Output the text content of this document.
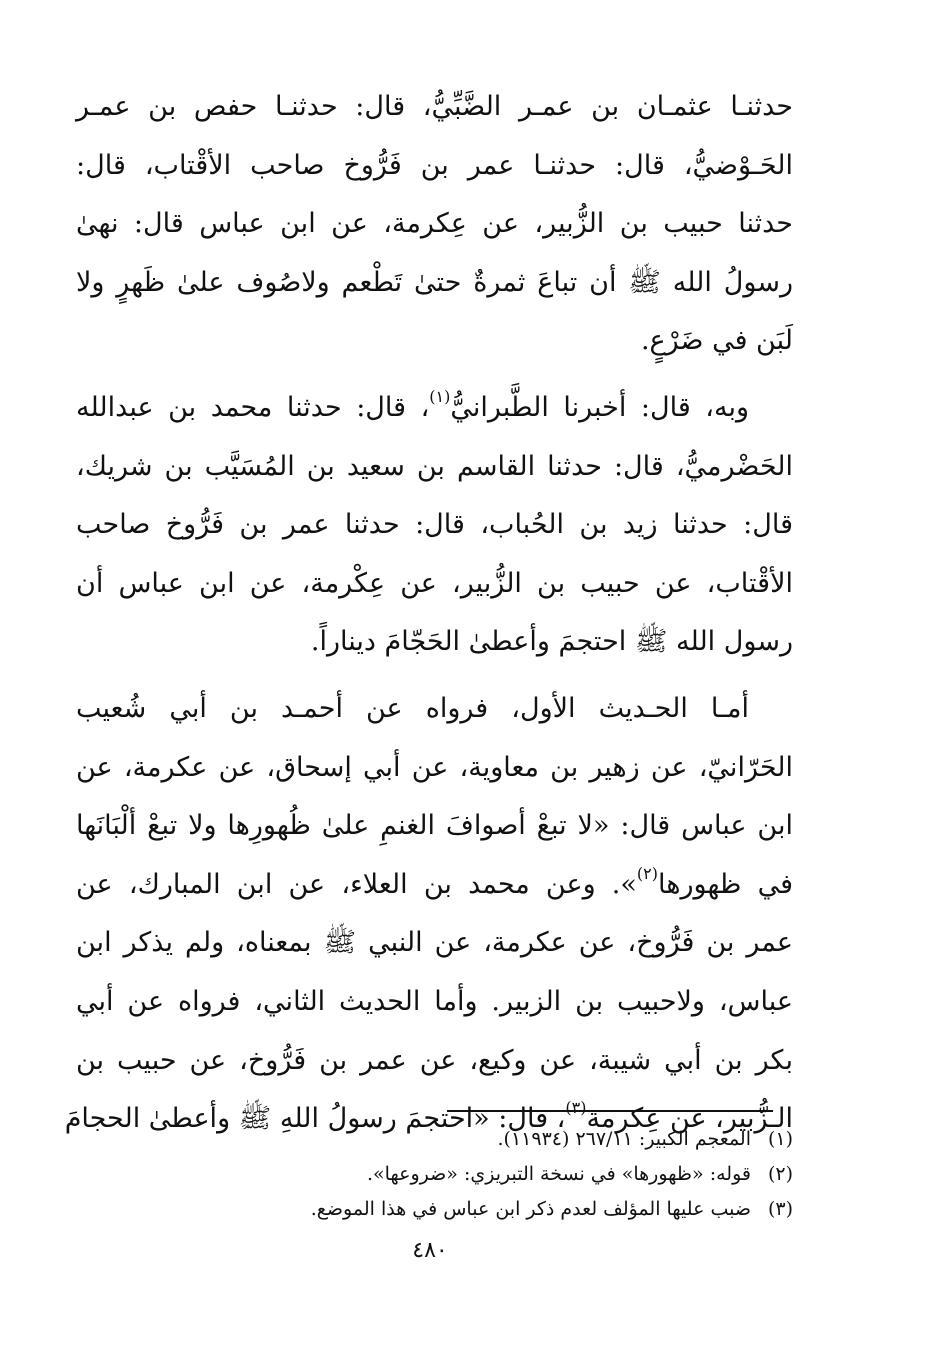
حدثنـا عثمـان بن عمـر الضَّبِّيُّ، قال: حدثنـا حفص بن عمـر
الحَـوْضيُّ، قال: حدثنـا عمر بن فَرُّوخ صاحب الأقْتاب، قال:
حدثنا حبيب بن الزُّبير، عن عِكرمة، عن ابن عباس قال: نهىٰ
رسولُ الله ﷺ أن تباعَ ثمرةٌ حتىٰ تَطْعم ولاصُوف علىٰ ظَهرٍ ولا
لَبَن في ضَرْعٍ.

وبه، قال: أخبرنا الطَّبرانيُّ$^{(١)}$، قال: حدثنا محمد بن عبدالله
الحَضْرميُّ، قال: حدثنا القاسم بن سعيد بن المُسَيَّب بن شريك،
قال: حدثنا زيد بن الحُباب، قال: حدثنا عمر بن فَرُّوخ صاحب
الأقْتاب، عن حبيب بن الزُّبير، عن عِكْرمة، عن ابن عباس أن
رسول الله ﷺ احتجمَ وأعطىٰ الحَجّامَ ديناراً.

أمـا الحـديث الأول، فرواه عن أحمـد بن أبي شُعيب
الحَرّانيّ، عن زهير بن معاوية، عن أبي إسحاق، عن عكرمة، عن
ابن عباس قال: «لا تبعْ أصوافَ الغنمِ علىٰ ظُهورِها ولا تبعْ ألْبَانَها
في ظهورها$^{(٢)}$». وعن محمد بن العلاء، عن ابن المبارك، عن
عمر بن فَرُّوخ، عن عكرمة، عن النبي ﷺ بمعناه، ولم يذكر ابن
عباس، ولاحبيب بن الزبير. وأما الحديث الثاني، فرواه عن أبي
بكر بن أبي شيبة، عن وكيع، عن عمر بن فَرُّوخ، عن حبيب بن
الـزُّبير، عن عِكرمة$^{(٣)}$، قال: «احتجمَ رسولُ اللهِ ﷺ وأعطىٰ الحجامَ

(١)المعجم الكبير: ٢٦٧/١١ (١١٩٣٤).
(٢)قوله: «ظهورها» في نسخة التبريزي: «ضروعها».
(٣)ضبب عليها المؤلف لعدم ذكر ابن عباس في هذا الموضع.
٤٨٠
